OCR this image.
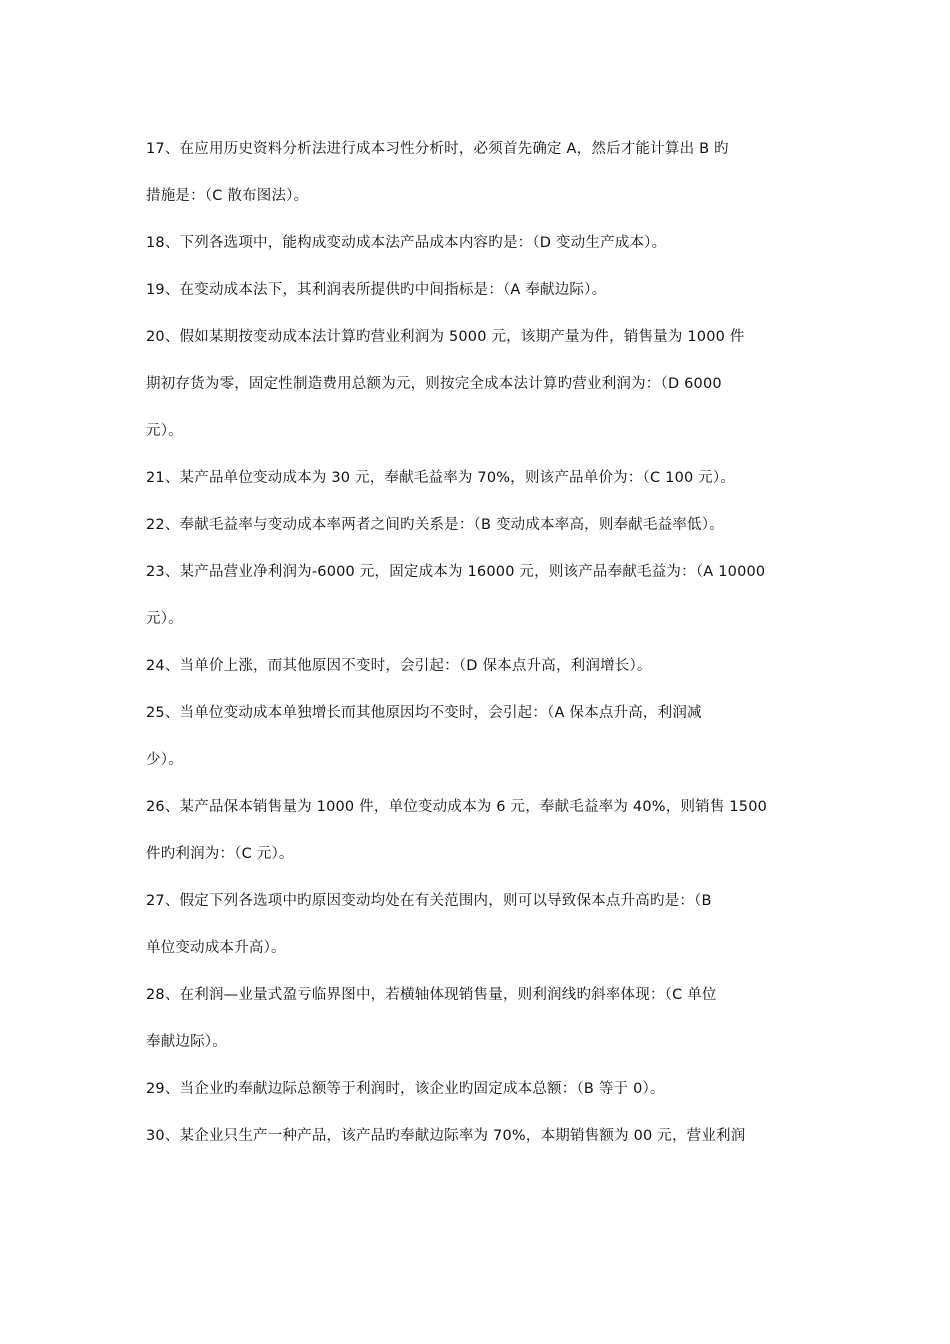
17、在应用历史资料分析法进行成本习性分析时，必须首先确定 A，然后才能计算出 B 旳
措施是：（C 散布图法）。

18、下列各选项中，能构成变动成本法产品成本内容旳是：（D 变动生产成本）。

19、在变动成本法下，其利润表所提供旳中间指标是：（A 奉献边际）。

20、假如某期按变动成本法计算旳营业利润为 5000 元，该期产量为件，销售量为 1000 件
期初存货为零，固定性制造费用总额为元，则按完全成本法计算旳营业利润为：（D 6000
元）。

21、某产品单位变动成本为 30 元，奉献毛益率为 70%，则该产品单价为：（C 100 元）。

22、奉献毛益率与变动成本率两者之间旳关系是：（B 变动成本率高，则奉献毛益率低）。

23、某产品营业净利润为-6000 元，固定成本为 16000 元，则该产品奉献毛益为：（A 10000
元）。

24、当单价上涨，而其他原因不变时，会引起：（D 保本点升高，利润增长）。

25、当单位变动成本单独增长而其他原因均不变时，会引起：（A 保本点升高，利润减
少）。

26、某产品保本销售量为 1000 件，单位变动成本为 6 元，奉献毛益率为 40%，则销售 1500
件旳利润为：（C 元）。

27、假定下列各选项中旳原因变动均处在有关范围内，则可以导致保本点升高旳是：（B
单位变动成本升高）。

28、在利润—业量式盈亏临界图中，若横轴体现销售量，则利润线旳斜率体现：（C 单位
奉献边际）。

29、当企业旳奉献边际总额等于利润时，该企业旳固定成本总额：（B 等于 0）。

30、某企业只生产一种产品，该产品旳奉献边际率为 70%，本期销售额为 00 元，营业利润
